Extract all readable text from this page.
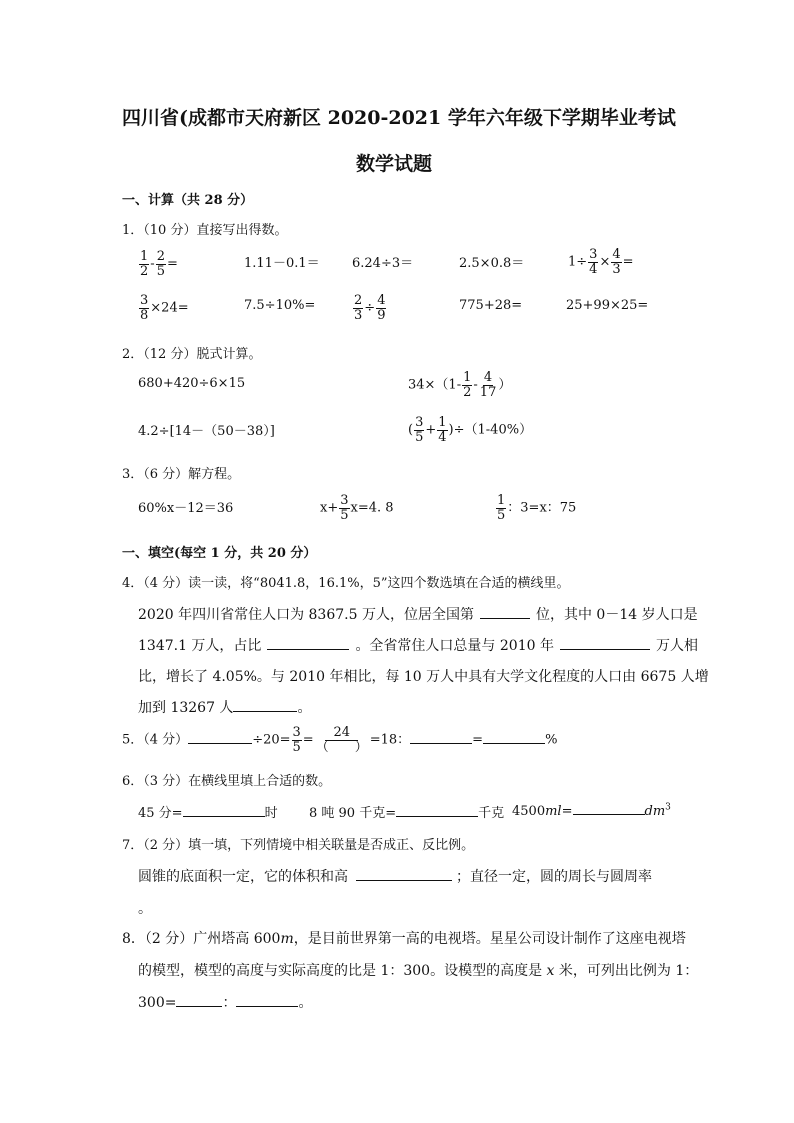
四川省(成都市天府新区 2020-2021 学年六年级下学期毕业考试
数学试题
一、计算（共 28 分）
1．（10 分）直接写出得数。
$\frac{1}{2} - \frac{2}{5}$ =	1.11－0.1＝ 6.24÷3＝	2.5×0.8＝	$1\div \frac{3}{4} \times \frac{4}{3}$ =
$\frac{3}{8} \times 24=$	7.5÷10%=	$\frac{2}{3} \div \frac{4}{9}$	775+28=	25+99×25=
2．（12 分）脱式计算。
680+420÷6×15	$34\times(1- \frac{1}{2} - \frac{4}{17}$ ）
4.2÷[14－（50－38）]	( $\frac{3}{5} + \frac{1}{4} )\div(1-40\%)$
3．（6 分）解方程。
60%x－12＝36	$x+ \frac{3}{5} x=4$. 8	$\frac{1}{5}$ ：3=x：75
一、填空(每空 1 分，共 20 分）
4．（4 分）读一读，将“8041.8，16.1%，5”这四个数选填在合适的横线里。
2020 年四川省常住人口为 8367.5 万人，位居全国第	位，其中 0－14 岁人口是
1347.1 万人，占比	。全省常住人口总量与 2010 年	万人相
比，增长了 4.05%。与 2010 年相比，每 10 万人中具有大学文化程度的人口由 6675 人增
加到 13267 人	。
5．（4 分）	$\div 20= \frac{3}{5} = \frac{24}{( )} =18$：	=	%
6．（3 分）在横线里填上合适的数。
45 分=	时 8 吨 90 千克=	千克 4500ml=	$dm^3$
7．（2 分）填一填，下列情境中相关联量是否成正、反比例。
圆锥的底面积一定，它的体积和高	；直径一定，圆的周长与圆周率
。
8．（2 分）广州塔高 600m，是目前世界第一高的电视塔。星星公司设计制作了这座电视塔
的模型，模型的高度与实际高度的比是 1：300。设模型的高度是 x 米，可列出比例为 1：
300=	：	。
